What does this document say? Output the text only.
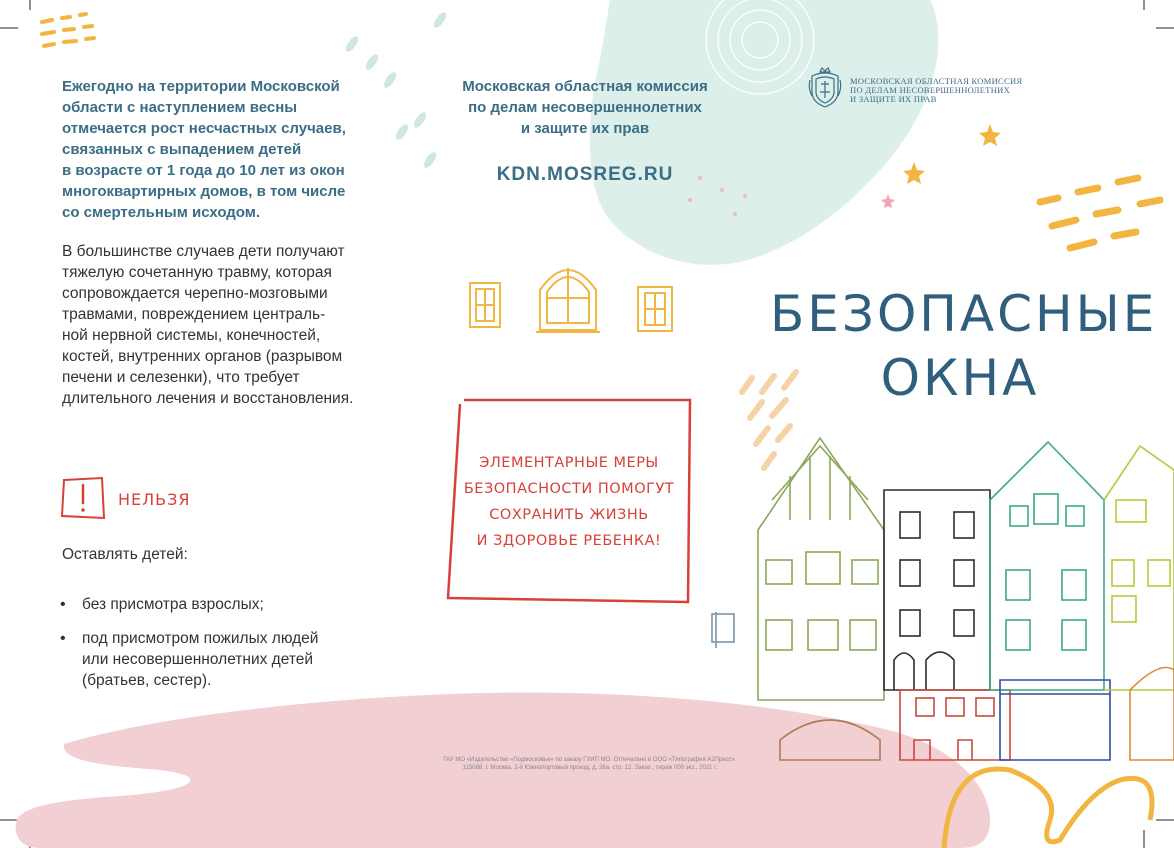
Ежегодно на территории Московской
области с наступлением весны
отмечается рост несчастных случаев,
связанных с выпадением детей
в возрасте от 1 года до 10 лет из окон
многоквартирных домов, в том числе
со смертельным исходом.

В большинстве случаев дети получают
тяжелую сочетанную травму, которая
сопровождается черепно-мозговыми
травмами, повреждением централь-
ной нервной системы, конечностей,
костей, внутренних органов (разрывом
печени и селезенки), что требует
длительного лечения и восстановления.

НЕЛЬЗЯ
Оставлять детей:
• без присмотра взрослых;
• под присмотром пожилых людей
или несовершеннолетних детей
(братьев, сестер).
Московская областная комиссия
по делам несовершеннолетних
и защите их прав
KDN.MOSREG.RU
ЭЛЕМЕНТАРНЫЕ МЕРЫ
БЕЗОПАСНОСТИ ПОМОГУТ
СОХРАНИТЬ ЖИЗНЬ
И ЗДОРОВЬЕ РЕБЕНКА!
ГАУ МО «Издательство «Подмосковье» по заказу ГУИП МО. Отпечатано в ООО «Типография А2Пресс».
115088, г. Москва, 2-й Южнопортовый проезд, д. 26а, стр. 12. Заказ , тираж 000 экз., 2021 г.
МОСКОВСКАЯ ОБЛАСТНАЯ КОМИССИЯ
ПО ДЕЛАМ НЕСОВЕРШЕННОЛЕТНИХ
И ЗАЩИТЕ ИХ ПРАВ
БЕЗОПАСНЫЕ
ОКНА
